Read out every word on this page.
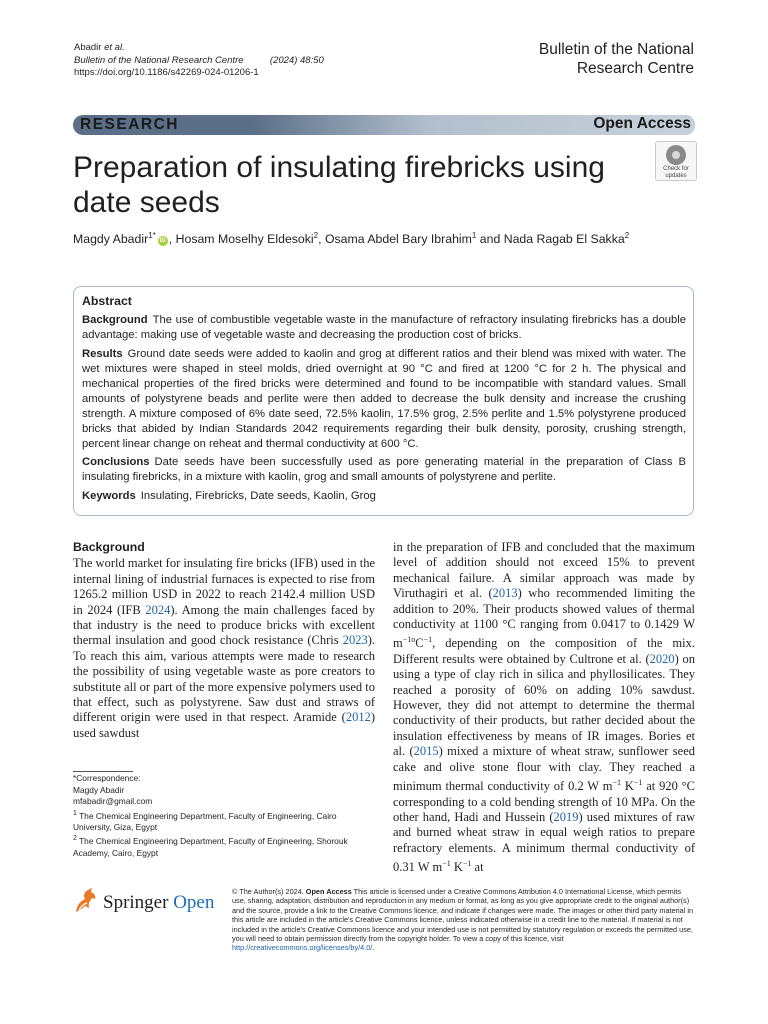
Abadir et al.
Bulletin of the National Research Centre	(2024) 48:50
https://doi.org/10.1186/s42269-024-01206-1
Bulletin of the National
Research Centre
RESEARCH	Open Access
Preparation of insulating firebricks using
date seeds
Check for
updates
Magdy Abadir$^{1*}$iD , Hosam Moselhy Eldesoki$^2$, Osama Abdel Bary Ibrahim$^1$ and Nada Ragab El Sakka$^2$
Abstract

Background The use of combustible vegetable waste in the manufacture of refractory insulating firebricks has a double advantage: making use of vegetable waste and decreasing the production cost of bricks.

Results Ground date seeds were added to kaolin and grog at different ratios and their blend was mixed with water. The wet mixtures were shaped in steel molds, dried overnight at 90 °C and fired at 1200 °C for 2 h. The physical and mechanical properties of the fired bricks were determined and found to be incompatible with standard values. Small amounts of polystyrene beads and perlite were then added to decrease the bulk density and increase the crushing strength. A mixture composed of 6% date seed, 72.5% kaolin, 17.5% grog, 2.5% perlite and 1.5% polystyrene produced bricks that abided by Indian Standards 2042 requirements regarding their bulk density, porosity, crushing strength, percent linear change on reheat and thermal conductivity at 600 °C.

Conclusions Date seeds have been successfully used as pore generating material in the preparation of Class B insulating firebricks, in a mixture with kaolin, grog and small amounts of polystyrene and perlite.

Keywords Insulating, Firebricks, Date seeds, Kaolin, Grog

Background
The world market for insulating fire bricks (IFB) used in the internal lining of industrial furnaces is expected to rise from 1265.2 million USD in 2022 to reach 2142.4 million USD in 2024 (IFB 2024). Among the main challenges faced by that industry is the need to produce bricks with excellent thermal insulation and good chock resistance (Chris 2023). To reach this aim, various attempts were made to research the possibility of using vegetable waste as pore creators to substitute all or part of the more expensive polymers used to that effect, such as polystyrene. Saw dust and straws of different origin were used in that respect. Aramide (2012) used sawdust
in the preparation of IFB and concluded that the maximum level of addition should not exceed 15% to prevent mechanical failure. A similar approach was made by Viruthagiri et al. (2013) who recommended limiting the addition to 20%. Their products showed values of thermal conductivity at 1100 °C ranging from 0.0417 to 0.1429 W $m^{-1o}C^{-1}$, depending on the composition of the mix. Different results were obtained by Cultrone et al. (2020) on using a type of clay rich in silica and phyllosilicates. They reached a porosity of 60% on adding 10% sawdust. However, they did not attempt to determine the thermal conductivity of their products, but rather decided about the insulation effectiveness by means of IR images. Bories et al. (2015) mixed a mixture of wheat straw, sunflower seed cake and olive stone flour with clay. They reached a minimum thermal conductivity of 0.2 W $m^{-1}$ $K^{-1}$ at 920 °C corresponding to a cold bending strength of 10 MPa. On the other hand, Hadi and Hussein (2019) used mixtures of raw and burned wheat straw in equal weigh ratios to prepare refractory elements. A minimum thermal conductivity of 0.31 W $m^{-1}$ $K^{-1}$ at
*Correspondence:
Magdy Abadir
mfabadir@gmail.com
$^1$ The Chemical Engineering Department, Faculty of Engineering, Cairo University, Giza, Egypt
$^2$ The Chemical Engineering Department, Faculty of Engineering, Shorouk Academy, Cairo, Egypt
Springer Open
© The Author(s) 2024. Open Access This article is licensed under a Creative Commons Attribution 4.0 International License, which permits use, sharing, adaptation, distribution and reproduction in any medium or format, as long as you give appropriate credit to the original author(s) and the source, provide a link to the Creative Commons licence, and indicate if changes were made. The images or other third party material in this article are included in the article's Creative Commons licence, unless indicated otherwise in a credit line to the material. If material is not included in the article's Creative Commons licence and your intended use is not permitted by statutory regulation or exceeds the permitted use, you will need to obtain permission directly from the copyright holder. To view a copy of this licence, visit http://creativecommons.org/licenses/by/4.0/.
